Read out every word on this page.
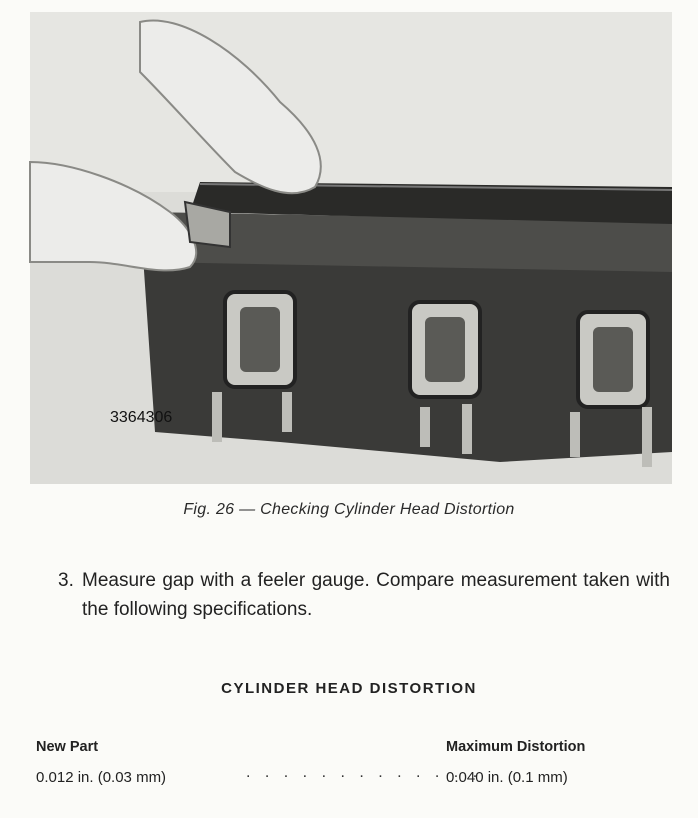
3364306
Fig. 26 — Checking Cylinder Head Distortion
3. Measure gap with a feeler gauge. Compare measurement taken with the following specifications.
CYLINDER HEAD DISTORTION
New Part	Maximum Distortion
0.012 in. (0.03 mm)	. . . . . . . . . . . . .
0.040 in. (0.1 mm)
